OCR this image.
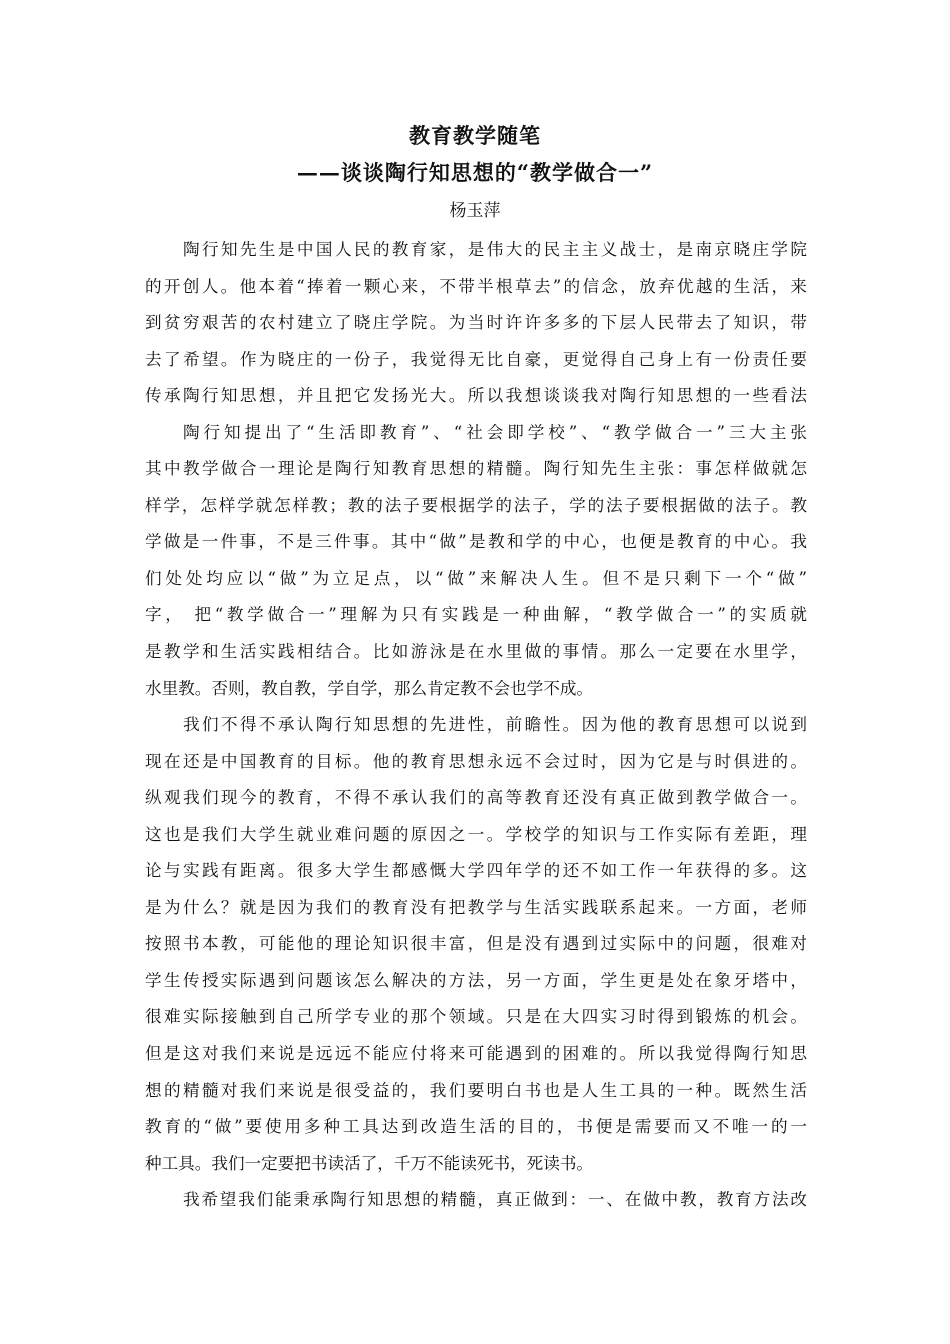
教育教学随笔
——谈谈陶行知思想的“教学做合一”
杨玉萍
陶行知先生是中国人民的教育家，是伟大的民主主义战士，是南京晓庄学院
的开创人。他本着“捧着一颗心来，不带半根草去”的信念，放弃优越的生活，来
到贫穷艰苦的农村建立了晓庄学院。为当时许许多多的下层人民带去了知识，带
去了希望。作为晓庄的一份子，我觉得无比自豪，更觉得自己身上有一份责任要
传承陶行知思想，并且把它发扬光大。所以我想谈谈我对陶行知思想的一些看法
陶行知提出了“生活即教育”、“社会即学校”、“教学做合一”三大主张
其中教学做合一理论是陶行知教育思想的精髓。陶行知先生主张：事怎样做就怎
样学，怎样学就怎样教；教的法子要根据学的法子，学的法子要根据做的法子。教
学做是一件事，不是三件事。其中“做”是教和学的中心，也便是教育的中心。我
们处处均应以“做”为立足点，以“做”来解决人生。但不是只剩下一个“做”
字， 把“教学做合一”理解为只有实践是一种曲解，“教学做合一”的实质就
是教学和生活实践相结合。比如游泳是在水里做的事情。那么一定要在水里学，
水里教。否则，教自教，学自学，那么肯定教不会也学不成。
我们不得不承认陶行知思想的先进性，前瞻性。因为他的教育思想可以说到
现在还是中国教育的目标。他的教育思想永远不会过时，因为它是与时俱进的。
纵观我们现今的教育，不得不承认我们的高等教育还没有真正做到教学做合一。
这也是我们大学生就业难问题的原因之一。学校学的知识与工作实际有差距，理
论与实践有距离。很多大学生都感慨大学四年学的还不如工作一年获得的多。这
是为什么？就是因为我们的教育没有把教学与生活实践联系起来。一方面，老师
按照书本教，可能他的理论知识很丰富，但是没有遇到过实际中的问题，很难对
学生传授实际遇到问题该怎么解决的方法，另一方面，学生更是处在象牙塔中，
很难实际接触到自己所学专业的那个领域。只是在大四实习时得到锻炼的机会。
但是这对我们来说是远远不能应付将来可能遇到的困难的。所以我觉得陶行知思
想的精髓对我们来说是很受益的，我们要明白书也是人生工具的一种。既然生活
教育的“做”要使用多种工具达到改造生活的目的，书便是需要而又不唯一的一
种工具。我们一定要把书读活了，千万不能读死书，死读书。
我希望我们能秉承陶行知思想的精髓，真正做到：一、在做中教，教育方法改
